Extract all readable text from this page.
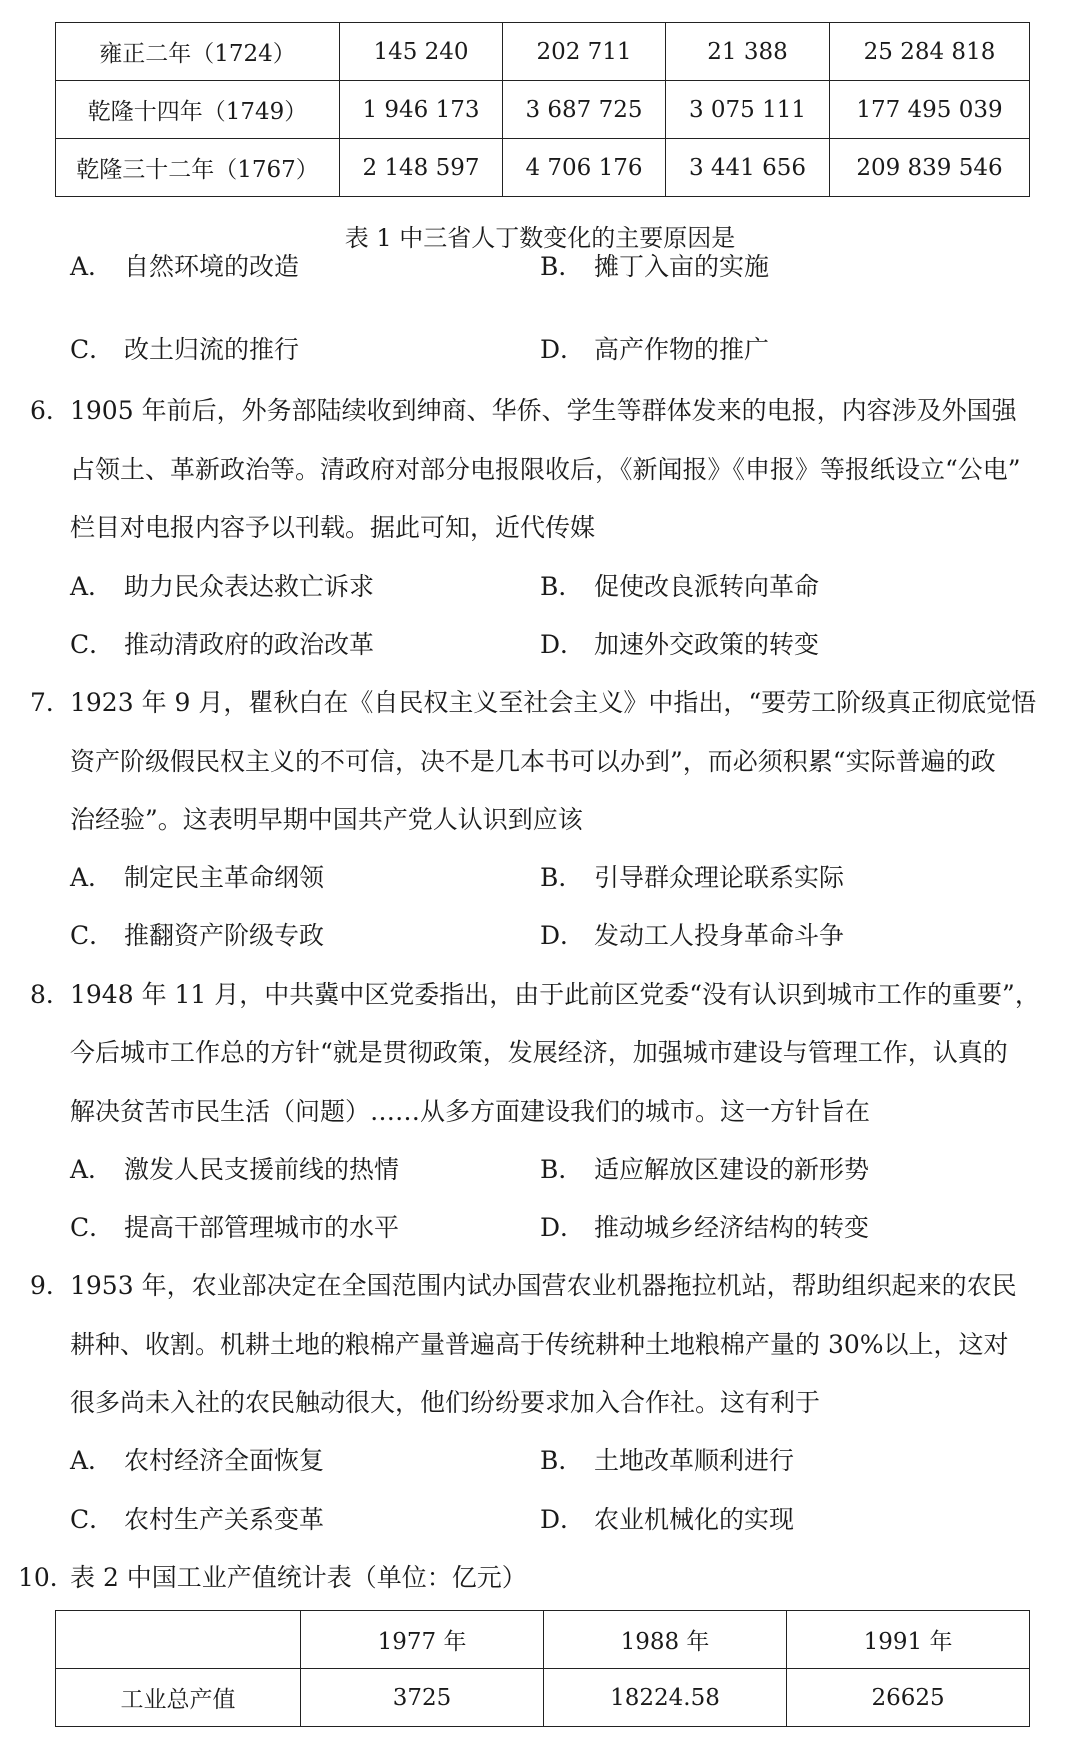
雍正二年（1724）	145 240	202 711	21 388	25 284 818
乾隆十四年（1749）	1 946 173	3 687 725	3 075 111	177 495 039
乾隆三十二年（1767）	2 148 597	4 706 176	3 441 656	209 839 546
表 1 中三省人丁数变化的主要原因是
A． 自然环境的改造	B． 摊丁入亩的实施
C． 改土归流的推行	D． 高产作物的推广
6． 1905 年前后，外务部陆续收到绅商、华侨、学生等群体发来的电报，内容涉及外国强
占领土、革新政治等。清政府对部分电报限收后，《新闻报》《申报》等报纸设立“公电”
栏目对电报内容予以刊载。据此可知，近代传媒
A． 助力民众表达救亡诉求	B． 促使改良派转向革命
C． 推动清政府的政治改革	D． 加速外交政策的转变
7． 1923 年 9 月，瞿秋白在《自民权主义至社会主义》中指出，“要劳工阶级真正彻底觉悟
资产阶级假民权主义的不可信，决不是几本书可以办到”，而必须积累“实际普遍的政
治经验”。这表明早期中国共产党人认识到应该
A． 制定民主革命纲领	B． 引导群众理论联系实际
C． 推翻资产阶级专政	D． 发动工人投身革命斗争
8． 1948 年 11 月，中共冀中区党委指出，由于此前区党委“没有认识到城市工作的重要”，
今后城市工作总的方针“就是贯彻政策，发展经济，加强城市建设与管理工作，认真的
解决贫苦市民生活（问题）……从多方面建设我们的城市。这一方针旨在
A． 激发人民支援前线的热情	B． 适应解放区建设的新形势
C． 提高干部管理城市的水平	D． 推动城乡经济结构的转变
9． 1953 年，农业部决定在全国范围内试办国营农业机器拖拉机站，帮助组织起来的农民
耕种、收割。机耕土地的粮棉产量普遍高于传统耕种土地粮棉产量的 30%以上，这对
很多尚未入社的农民触动很大，他们纷纷要求加入合作社。这有利于
A． 农村经济全面恢复	B． 土地改革顺利进行
C． 农村生产关系变革	D． 农业机械化的实现
10．
表 2 中国工业产值统计表（单位：亿元）
	1977 年	1988 年	1991 年
工业总产值	3725	18224.58	26625
